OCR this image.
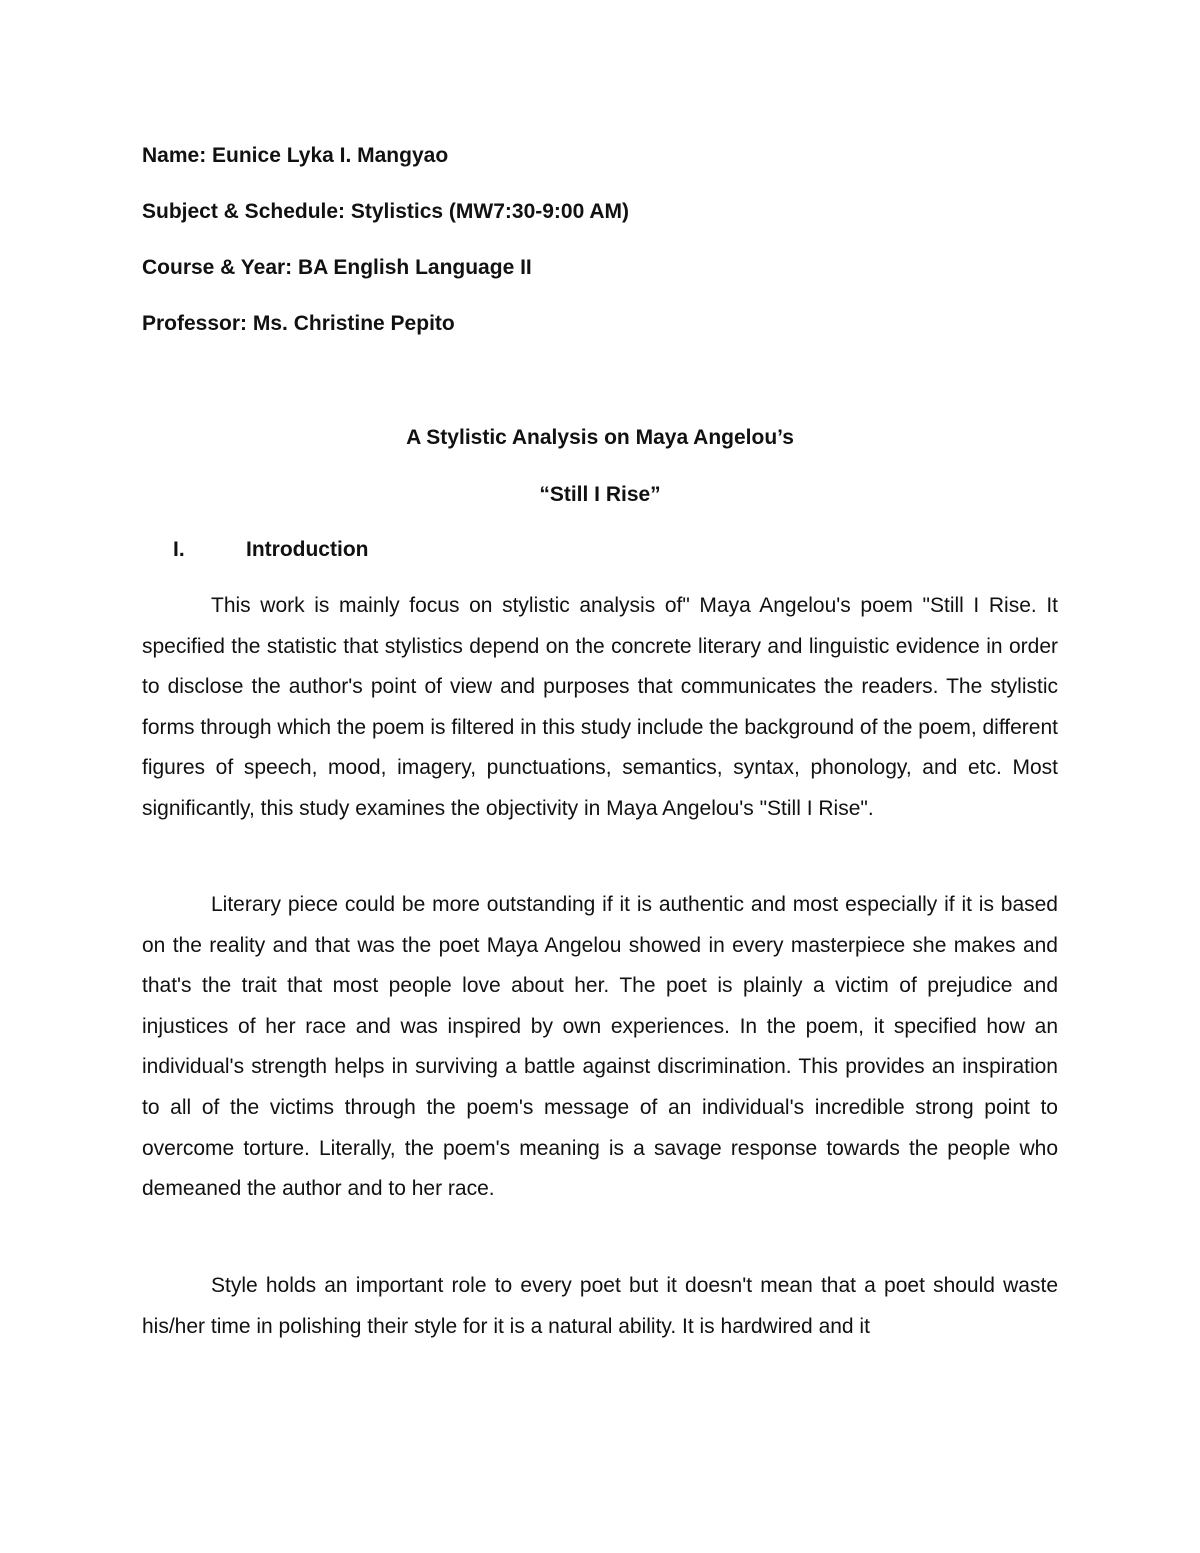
Name: Eunice Lyka I. Mangyao
Subject & Schedule: Stylistics (MW7:30-9:00 AM)
Course & Year: BA English Language II
Professor: Ms. Christine Pepito
A Stylistic Analysis on Maya Angelou’s
“Still I Rise”
I.	Introduction

This work is mainly focus on stylistic analysis of" Maya Angelou's poem "Still I Rise. It specified the statistic that stylistics depend on the concrete literary and linguistic evidence in order to disclose the author's point of view and purposes that communicates the readers. The stylistic forms through which the poem is filtered in this study include the background of the poem, different figures of speech, mood, imagery, punctuations, semantics, syntax, phonology, and etc. Most significantly, this study examines the objectivity in Maya Angelou's "Still I Rise".

Literary piece could be more outstanding if it is authentic and most especially if it is based on the reality and that was the poet Maya Angelou showed in every masterpiece she makes and that's the trait that most people love about her. The poet is plainly a victim of prejudice and injustices of her race and was inspired by own experiences. In the poem, it specified how an individual's strength helps in surviving a battle against discrimination. This provides an inspiration to all of the victims through the poem's message of an individual's incredible strong point to overcome torture. Literally, the poem's meaning is a savage response towards the people who demeaned the author and to her race.

Style holds an important role to every poet but it doesn't mean that a poet should waste his/her time in polishing their style for it is a natural ability. It is hardwired and it
